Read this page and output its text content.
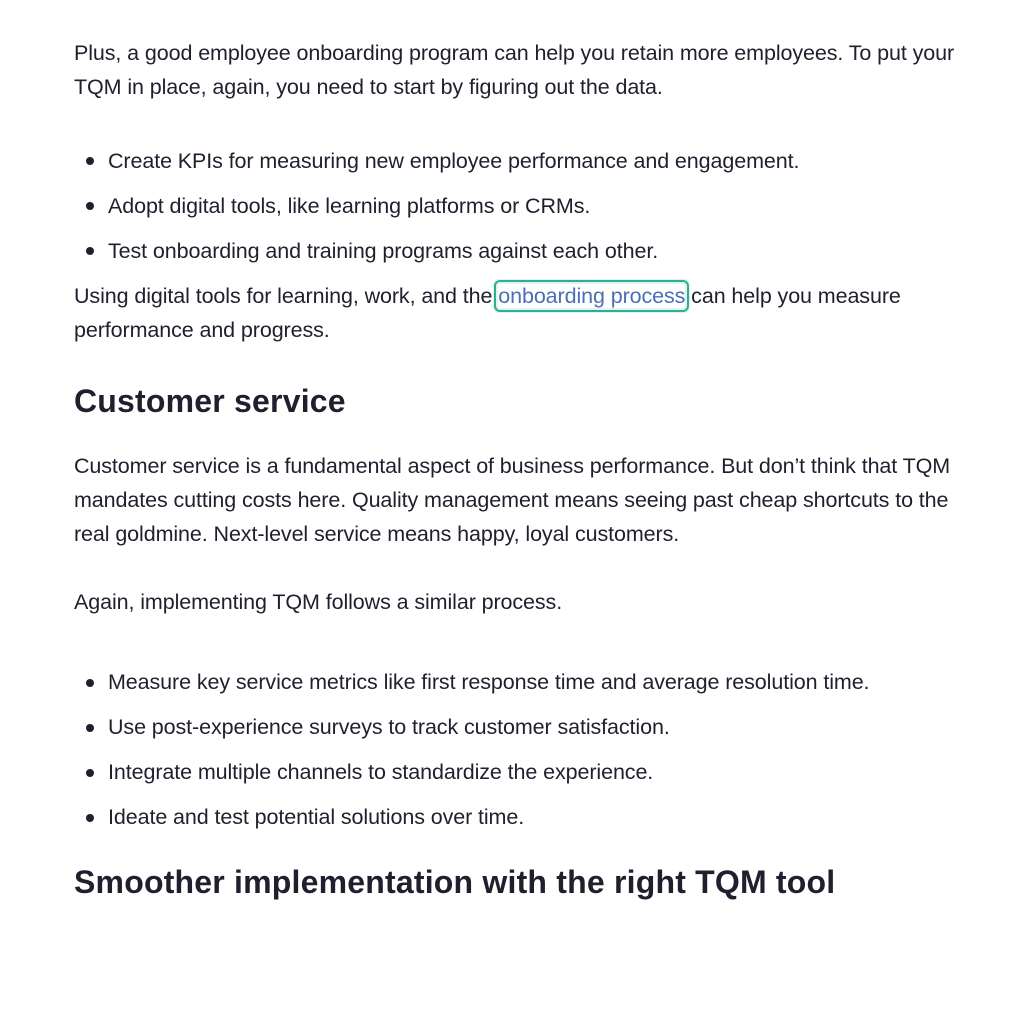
Plus, a good employee onboarding program can help you retain more employees. To put your TQM in place, again, you need to start by figuring out the data.

Create KPIs for measuring new employee performance and engagement.
Adopt digital tools, like learning platforms or CRMs.
Test onboarding and training programs against each other.

Using digital tools for learning, work, and the onboarding process can help you measure performance and progress.

Customer service

Customer service is a fundamental aspect of business performance. But don’t think that TQM mandates cutting costs here. Quality management means seeing past cheap shortcuts to the real goldmine. Next-level service means happy, loyal customers.

Again, implementing TQM follows a similar process.

Measure key service metrics like first response time and average resolution time.
Use post-experience surveys to track customer satisfaction.
Integrate multiple channels to standardize the experience.
Ideate and test potential solutions over time.
Smoother implementation with the right TQM tool
